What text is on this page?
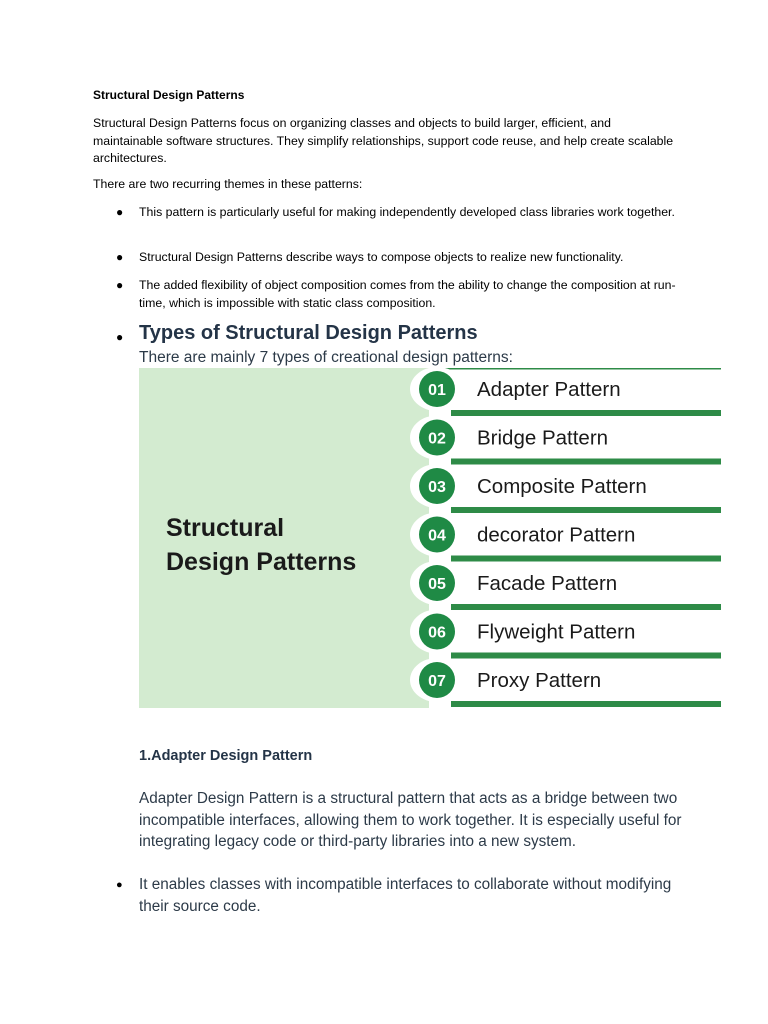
Structural Design Patterns
Structural Design Patterns focus on organizing classes and objects to build larger, efficient, and maintainable software structures. They simplify relationships, support code reuse, and help create scalable architectures.
There are two recurring themes in these patterns:
● This pattern is particularly useful for making independently developed class libraries work together.
● Structural Design Patterns describe ways to compose objects to realize new functionality.
● The added flexibility of object composition comes from the ability to change the composition at run-time, which is impossible with static class composition.
● Types of Structural Design Patterns
There are mainly 7 types of creational design patterns:
Structural
Design Patterns
01 Adapter Pattern
02 Bridge Pattern
03 Composite Pattern
04 decorator Pattern
05 Facade Pattern
06 Flyweight Pattern
07 Proxy Pattern
1.Adapter Design Pattern
Adapter Design Pattern is a structural pattern that acts as a bridge between two incompatible interfaces, allowing them to work together. It is especially useful for integrating legacy code or third-party libraries into a new system.
● It enables classes with incompatible interfaces to collaborate without modifying their source code.
